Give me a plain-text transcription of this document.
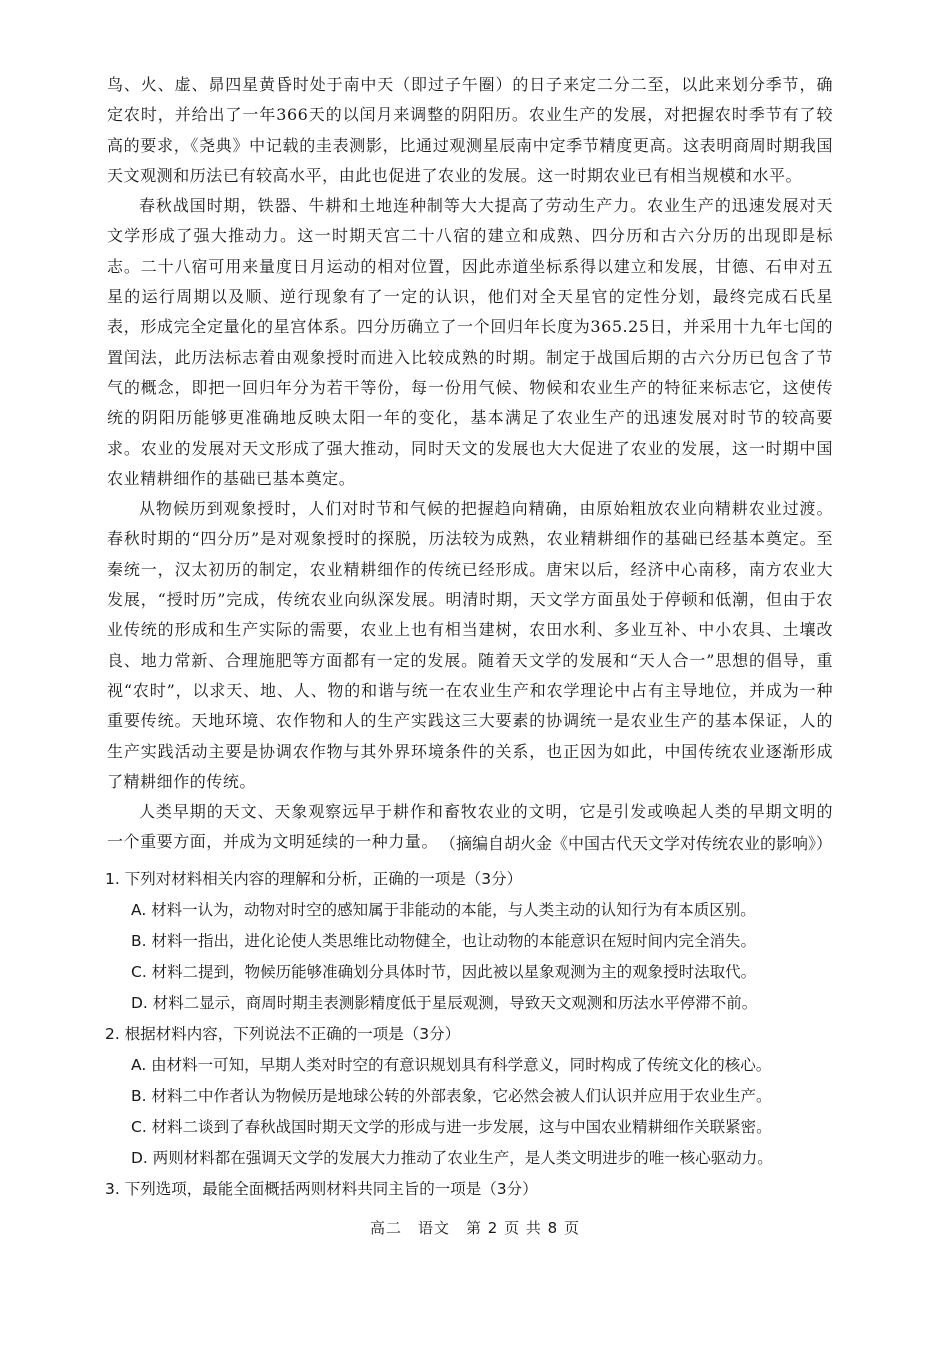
鸟、火、虚、昴四星黄昏时处于南中天（即过子午圈）的日子来定二分二至，以此来划分季节，确定农时，并给出了一年366天的以闰月来调整的阴阳历。农业生产的发展，对把握农时季节有了较高的要求，《尧典》中记载的圭表测影，比通过观测星辰南中定季节精度更高。这表明商周时期我国天文观测和历法已有较高水平，由此也促进了农业的发展。这一时期农业已有相当规模和水平。

春秋战国时期，铁器、牛耕和土地连种制等大大提高了劳动生产力。农业生产的迅速发展对天文学形成了强大推动力。这一时期天宫二十八宿的建立和成熟、四分历和古六分历的出现即是标志。二十八宿可用来量度日月运动的相对位置，因此赤道坐标系得以建立和发展，甘德、石申对五星的运行周期以及顺、逆行现象有了一定的认识，他们对全天星官的定性分划，最终完成石氏星表，形成完全定量化的星宫体系。四分历确立了一个回归年长度为365.25日，并采用十九年七闰的置闰法，此历法标志着由观象授时而进入比较成熟的时期。制定于战国后期的古六分历已包含了节气的概念，即把一回归年分为若干等份，每一份用气候、物候和农业生产的特征来标志它，这使传统的阴阳历能够更准确地反映太阳一年的变化，基本满足了农业生产的迅速发展对时节的较高要求。农业的发展对天文形成了强大推动，同时天文的发展也大大促进了农业的发展，这一时期中国农业精耕细作的基础已基本奠定。

从物候历到观象授时，人们对时节和气候的把握趋向精确，由原始粗放农业向精耕农业过渡。春秋时期的“四分历”是对观象授时的探脱，历法较为成熟，农业精耕细作的基础已经基本奠定。至秦统一，汉太初历的制定，农业精耕细作的传统已经形成。唐宋以后，经济中心南移，南方农业大发展，“授时历”完成，传统农业向纵深发展。明清时期，天文学方面虽处于停顿和低潮，但由于农业传统的形成和生产实际的需要，农业上也有相当建树，农田水利、多业互补、中小农具、土壤改良、地力常新、合理施肥等方面都有一定的发展。随着天文学的发展和“天人合一”思想的倡导，重视“农时”，以求天、地、人、物的和谐与统一在农业生产和农学理论中占有主导地位，并成为一种重要传统。天地环境、农作物和人的生产实践这三大要素的协调统一是农业生产的基本保证，人的生产实践活动主要是协调农作物与其外界环境条件的关系，也正因为如此，中国传统农业逐渐形成了精耕细作的传统。

人类早期的天文、天象观察远早于耕作和畜牧农业的文明，它是引发或唤起人类的早期文明的一个重要方面，并成为文明延续的一种力量。 （摘编自胡火金《中国古代天文学对传统农业的影响》）
1. 下列对材料相关内容的理解和分析，正确的一项是（3分）
A. 材料一认为，动物对时空的感知属于非能动的本能，与人类主动的认知行为有本质区别。
B. 材料一指出，进化论使人类思维比动物健全，也让动物的本能意识在短时间内完全消失。
C. 材料二提到，物候历能够准确划分具体时节，因此被以星象观测为主的观象授时法取代。
D. 材料二显示，商周时期圭表测影精度低于星辰观测，导致天文观测和历法水平停滞不前。
2. 根据材料内容，下列说法不正确的一项是（3分）
A. 由材料一可知，早期人类对时空的有意识规划具有科学意义，同时构成了传统文化的核心。
B. 材料二中作者认为物候历是地球公转的外部表象，它必然会被人们认识并应用于农业生产。
C. 材料二谈到了春秋战国时期天文学的形成与进一步发展，这与中国农业精耕细作关联紧密。
D. 两则材料都在强调天文学的发展大力推动了农业生产，是人类文明进步的唯一核心驱动力。
3. 下列选项，最能全面概括两则材料共同主旨的一项是（3分）
高二　语文　第 2 页 共 8 页
